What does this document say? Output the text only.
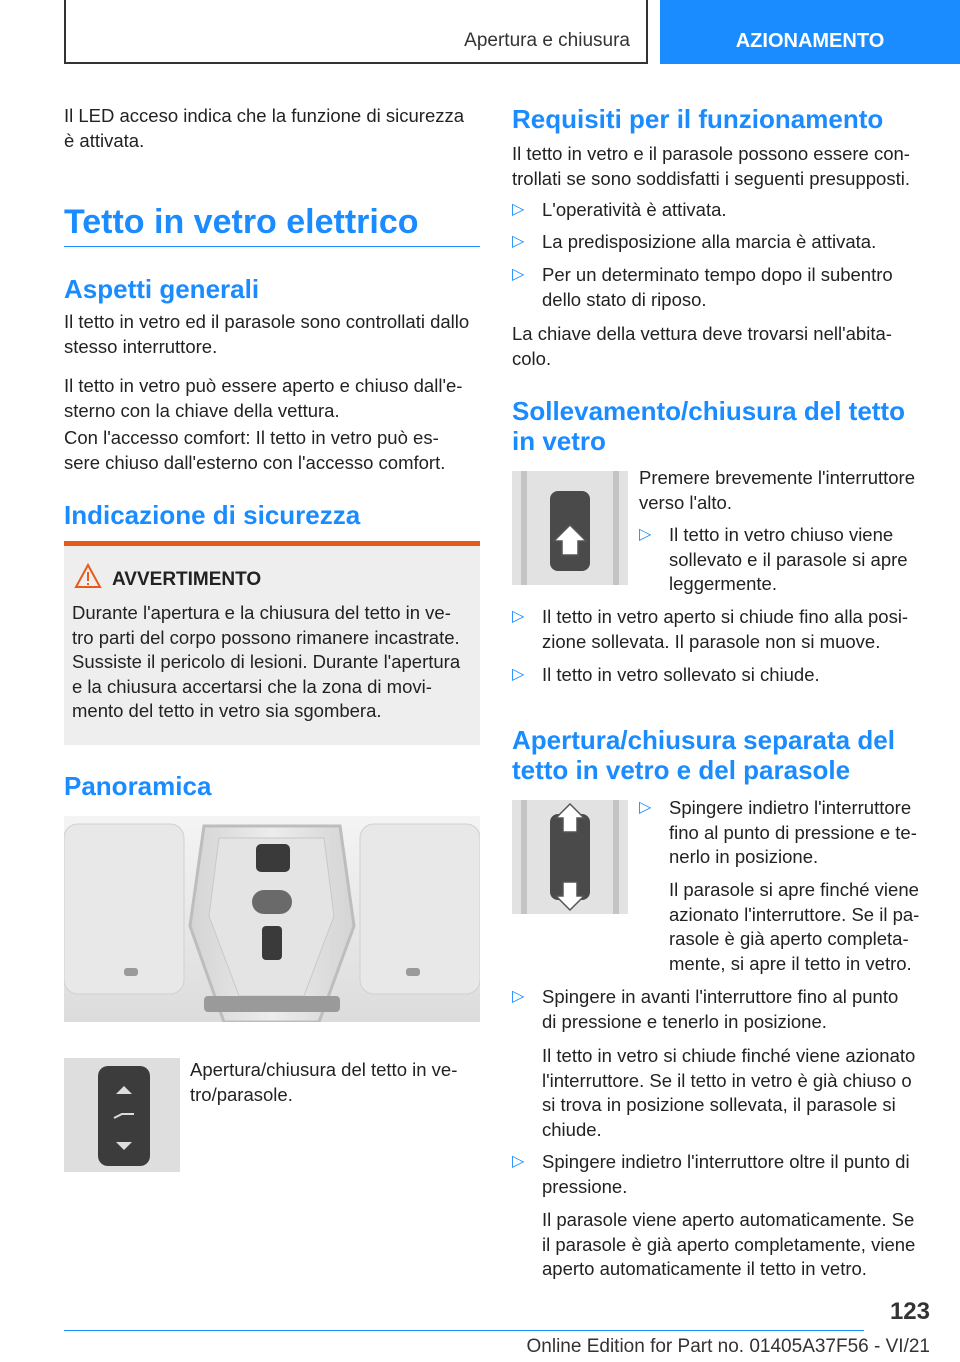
Apertura e chiusura	AZIONAMENTO
Il LED acceso indica che la funzione di sicurezza
è attivata.
Tetto in vetro elettrico
Aspetti generali
Il tetto in vetro ed il parasole sono controllati dallo
stesso interruttore.
Il tetto in vetro può essere aperto e chiuso dall'e-
sterno con la chiave della vettura.
Con l'accesso comfort: Il tetto in vetro può es-
sere chiuso dall'esterno con l'accesso comfort.
Indicazione di sicurezza
AVVERTIMENTO
Durante l'apertura e la chiusura del tetto in ve-
tro parti del corpo possono rimanere incastrate.
Sussiste il pericolo di lesioni. Durante l'apertura
e la chiusura accertarsi che la zona di movi-
mento del tetto in vetro sia sgombera.
Panoramica
Apertura/chiusura del tetto in ve-
tro/parasole.
Requisiti per il funzionamento
Il tetto in vetro e il parasole possono essere con-
trollati se sono soddisfatti i seguenti presupposti.
▷ L'operatività è attivata.
▷ La predisposizione alla marcia è attivata.
▷ Per un determinato tempo dopo il subentro
dello stato di riposo.
La chiave della vettura deve trovarsi nell'abita-
colo.
Sollevamento/chiusura del tetto
in vetro
Premere brevemente l'interruttore
verso l'alto.
▷ Il tetto in vetro chiuso viene
sollevato e il parasole si apre
leggermente.
▷ Il tetto in vetro aperto si chiude fino alla posi-
zione sollevata. Il parasole non si muove.
▷ Il tetto in vetro sollevato si chiude.
Apertura/chiusura separata del
tetto in vetro e del parasole
▷ Spingere indietro l'interruttore
fino al punto di pressione e te-
nerlo in posizione.
Il parasole si apre finché viene
azionato l'interruttore. Se il pa-
rasole è già aperto completa-
mente, si apre il tetto in vetro.
▷ Spingere in avanti l'interruttore fino al punto
di pressione e tenerlo in posizione.
Il tetto in vetro si chiude finché viene azionato
l'interruttore. Se il tetto in vetro è già chiuso o
si trova in posizione sollevata, il parasole si
chiude.
▷ Spingere indietro l'interruttore oltre il punto di
pressione.
Il parasole viene aperto automaticamente. Se
il parasole è già aperto completamente, viene
aperto automaticamente il tetto in vetro.
123
Online Edition for Part no. 01405A37F56 - VI/21
